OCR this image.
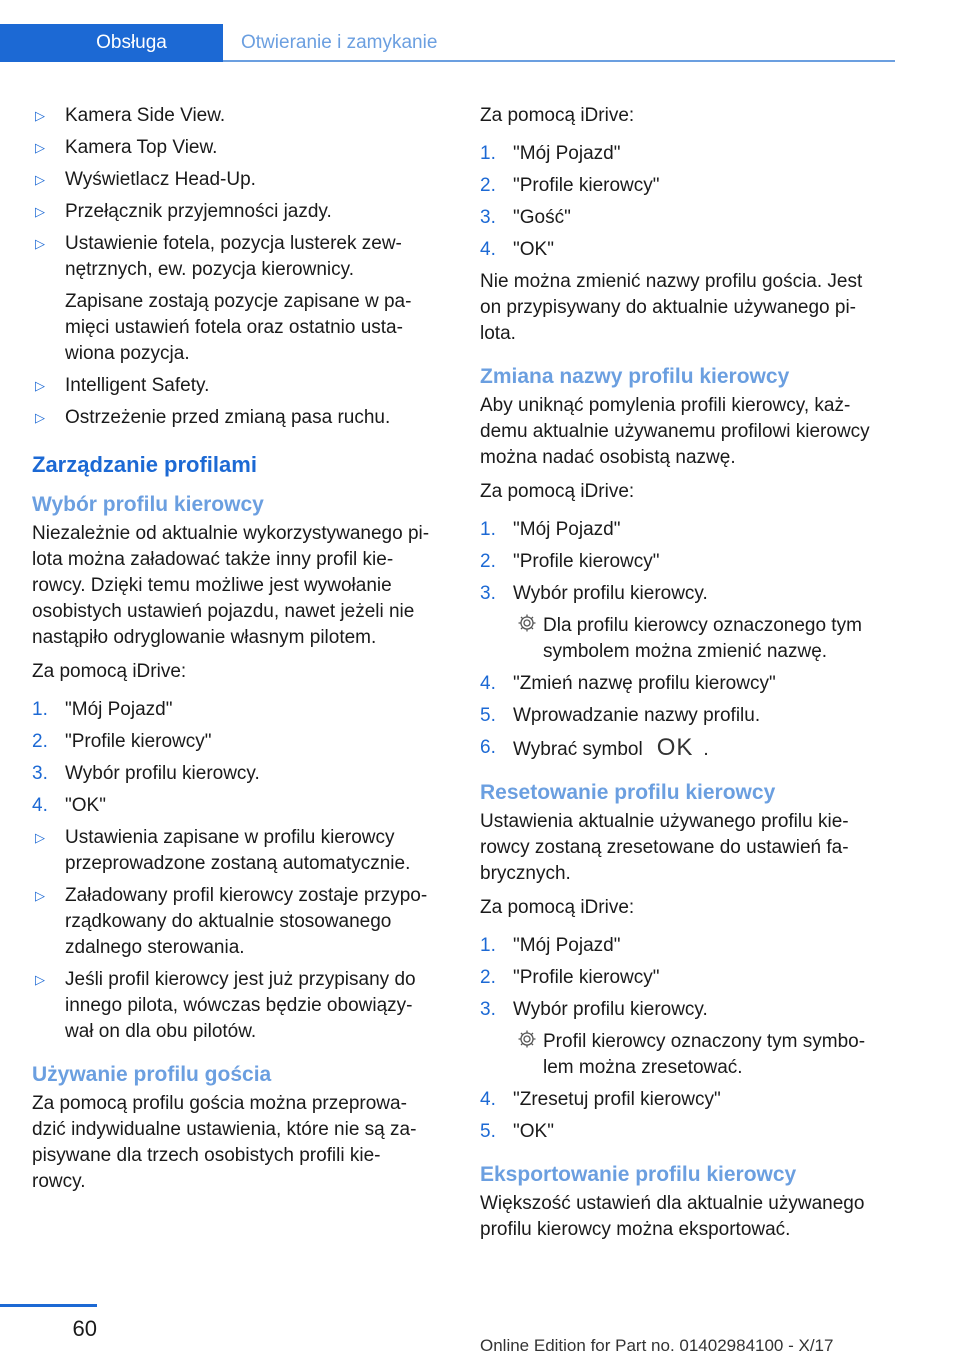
Obsługa	Otwieranie i zamykanie
▷	Kamera Side View.
▷	Kamera Top View.
▷	Wyświetlacz Head-Up.
▷	Przełącznik przyjemności jazdy.
▷	Ustawienie fotela, pozycja lusterek zew-
nętrznych, ew. pozycja kierownicy.
Zapisane zostają pozycje zapisane w pa-
mięci ustawień fotela oraz ostatnio usta-
wiona pozycja.
▷	Intelligent Safety.
▷	Ostrzeżenie przed zmianą pasa ruchu.
Zarządzanie profilami
Wybór profilu kierowcy
Niezależnie od aktualnie wykorzystywanego pi-
lota można załadować także inny profil kie-
rowcy. Dzięki temu możliwe jest wywołanie
osobistych ustawień pojazdu, nawet jeżeli nie
nastąpiło odryglowanie własnym pilotem.
Za pomocą iDrive:
1. "Mój Pojazd"
2. "Profile kierowcy"
3. Wybór profilu kierowcy.
4. "OK"
▷	Ustawienia zapisane w profilu kierowcy
przeprowadzone zostaną automatycznie.
▷	Załadowany profil kierowcy zostaje przypo-
rządkowany do aktualnie stosowanego
zdalnego sterowania.
▷	Jeśli profil kierowcy jest już przypisany do
innego pilota, wówczas będzie obowiązy-
wał on dla obu pilotów.
Używanie profilu gościa
Za pomocą profilu gościa można przeprowa-
dzić indywidualne ustawienia, które nie są za-
pisywane dla trzech osobistych profili kie-
rowcy.
Za pomocą iDrive:
1. "Mój Pojazd"
2. "Profile kierowcy"
3. "Gość"
4. "OK"
Nie można zmienić nazwy profilu gościa. Jest
on przypisywany do aktualnie używanego pi-
lota.
Zmiana nazwy profilu kierowcy
Aby uniknąć pomylenia profili kierowcy, każ-
demu aktualnie używanemu profilowi kierowcy
można nadać osobistą nazwę.
Za pomocą iDrive:
1. "Mój Pojazd"
2. "Profile kierowcy"
3. Wybór profilu kierowcy.
Dla profilu kierowcy oznaczonego tym
symbolem można zmienić nazwę.
4. "Zmień nazwę profilu kierowcy"
5. Wprowadzanie nazwy profilu.
6. Wybrać symbol OK .
Resetowanie profilu kierowcy
Ustawienia aktualnie używanego profilu kie-
rowcy zostaną zresetowane do ustawień fa-
brycznych.
Za pomocą iDrive:
1. "Mój Pojazd"
2. "Profile kierowcy"
3. Wybór profilu kierowcy.
Profil kierowcy oznaczony tym symbo-
lem można zresetować.
4. "Zresetuj profil kierowcy"
5. "OK"
Eksportowanie profilu kierowcy
Większość ustawień dla aktualnie używanego
profilu kierowcy można eksportować.
60
Online Edition for Part no. 01402984100 - X/17
